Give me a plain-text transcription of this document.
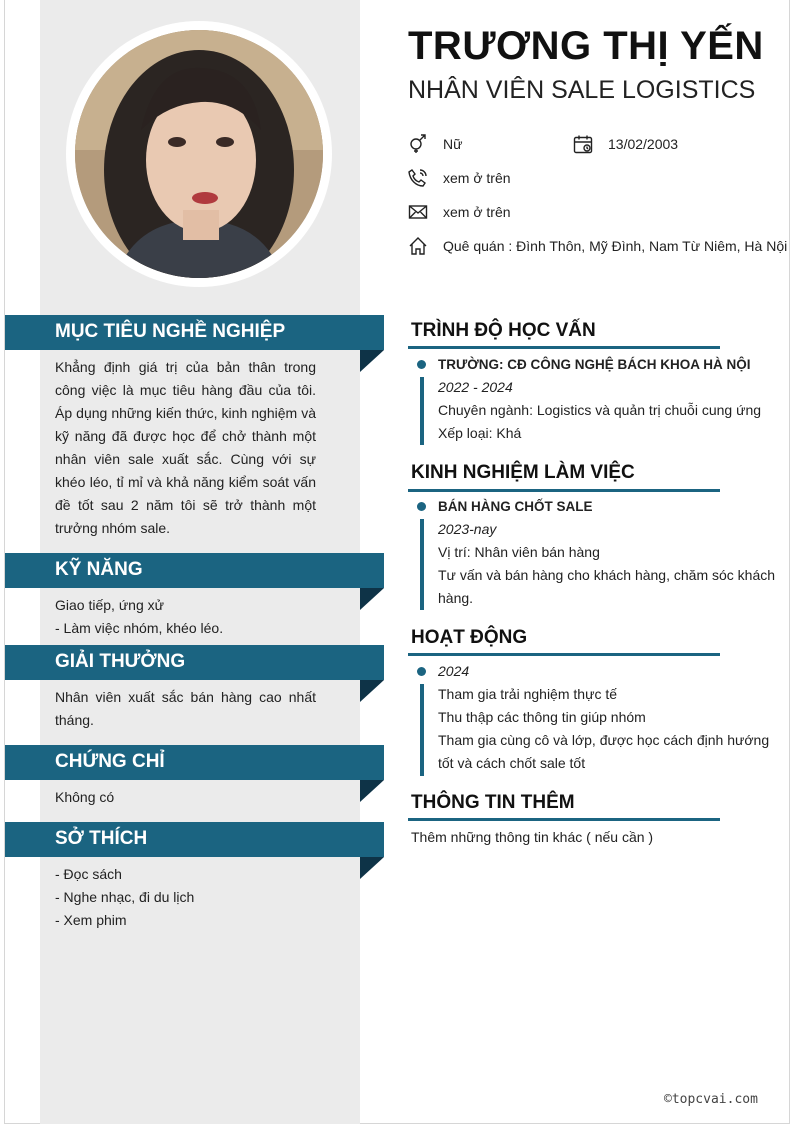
TRƯƠNG THỊ YẾN
NHÂN VIÊN SALE LOGISTICS
Nữ	13/02/2003
xem ở trên
xem ở trên
Quê quán : Đình Thôn, Mỹ Đình, Nam Từ Niêm, Hà Nội
MỤC TIÊU NGHỀ NGHIỆP
Khẳng định giá trị của bản thân trong công việc là mục tiêu hàng đầu của tôi. Áp dụng những kiến thức, kinh nghiệm và kỹ năng đã được học để chở thành một nhân viên sale xuất sắc. Cùng với sự khéo léo, tỉ mỉ và khả năng kiểm soát vấn đề tốt sau 2 năm tôi sẽ trở thành một trưởng nhóm sale.
KỸ NĂNG
Giao tiếp, ứng xử
- Làm việc nhóm, khéo léo.
GIẢI THƯỞNG
Nhân viên xuất sắc bán hàng cao nhất tháng.
CHỨNG CHỈ
Không có
SỞ THÍCH
- Đọc sách
- Nghe nhạc, đi du lịch
- Xem phim
TRÌNH ĐỘ HỌC VẤN
TRƯỜNG: CĐ CÔNG NGHỆ BÁCH KHOA HÀ NỘI
2022 - 2024
Chuyên ngành: Logistics và quản trị chuỗi cung ứng
Xếp loại: Khá
KINH NGHIỆM LÀM VIỆC
BÁN HÀNG CHỐT SALE
2023-nay
Vị trí: Nhân viên bán hàng
Tư vấn và bán hàng cho khách hàng, chăm sóc khách hàng.
HOẠT ĐỘNG
2024
Tham gia trải nghiệm thực tế
Thu thập các thông tin giúp nhóm
Tham gia cùng cô và lớp, được học cách định hướng tốt và cách chốt sale tốt
THÔNG TIN THÊM
Thêm những thông tin khác ( nếu cần )
©topcvai.com
